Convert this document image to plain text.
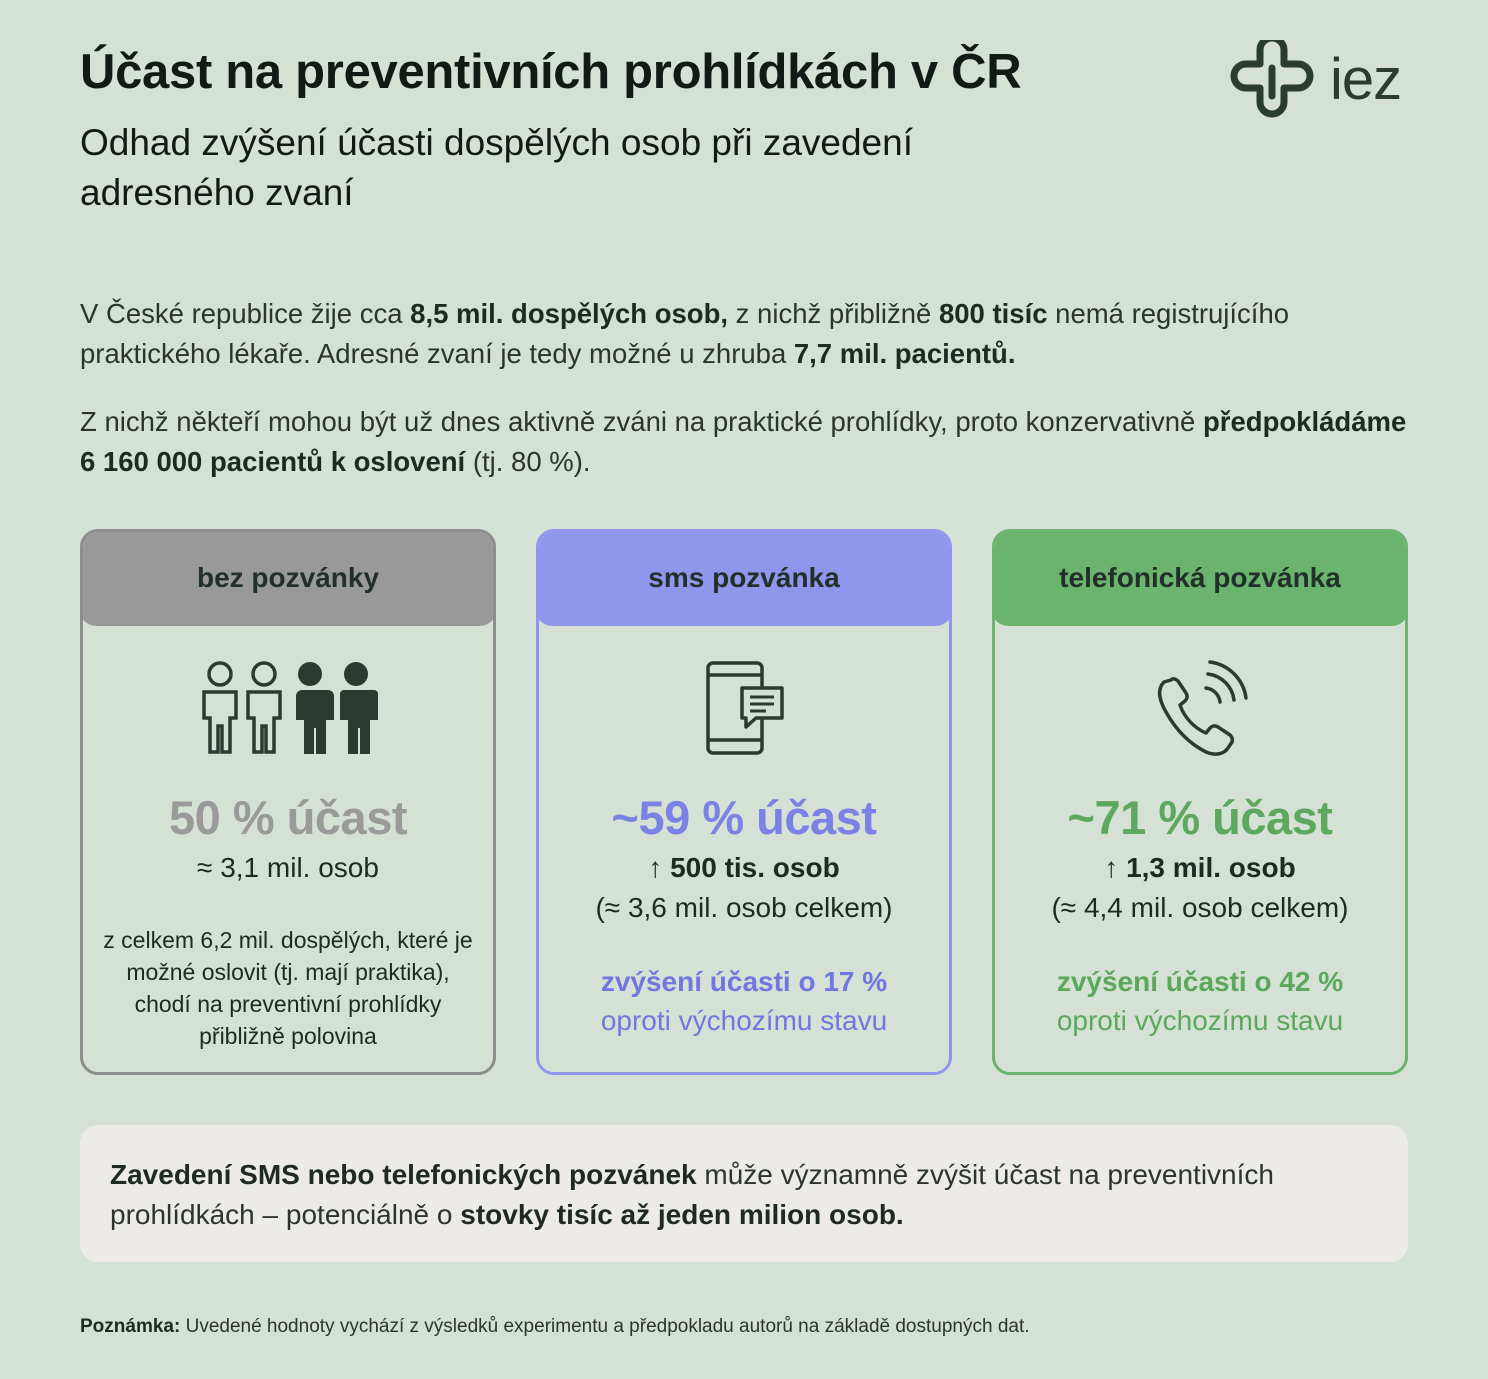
Účast na preventivních prohlídkách v ČR
Odhad zvýšení účasti dospělých osob při zavedení adresného zvaní
iez
V České republice žije cca 8,5 mil. dospělých osob, z nichž přibližně 800 tisíc nemá registrujícího praktického lékaře. Adresné zvaní je tedy možné u zhruba 7,7 mil. pacientů.
Z nichž někteří mohou být už dnes aktivně zváni na praktické prohlídky, proto konzervativně předpokládáme 6 160 000 pacientů k oslovení (tj. 80 %).
bez pozvánky
50 % účast
≈ 3,1 mil. osob
z celkem 6,2 mil. dospělých, které je možné oslovit (tj. mají praktika), chodí na preventivní prohlídky přibližně polovina
sms pozvánka
~59 % účast
↑ 500 tis. osob
(≈ 3,6 mil. osob celkem)
zvýšení účasti o 17 %
oproti výchozímu stavu
telefonická pozvánka
~71 % účast
↑ 1,3 mil. osob
(≈ 4,4 mil. osob celkem)
zvýšení účasti o 42 %
oproti výchozímu stavu
Zavedení SMS nebo telefonických pozvánek může významně zvýšit účast na preventivních prohlídkách – potenciálně o stovky tisíc až jeden milion osob.
Poznámka: Uvedené hodnoty vychází z výsledků experimentu a předpokladu autorů na základě dostupných dat.
